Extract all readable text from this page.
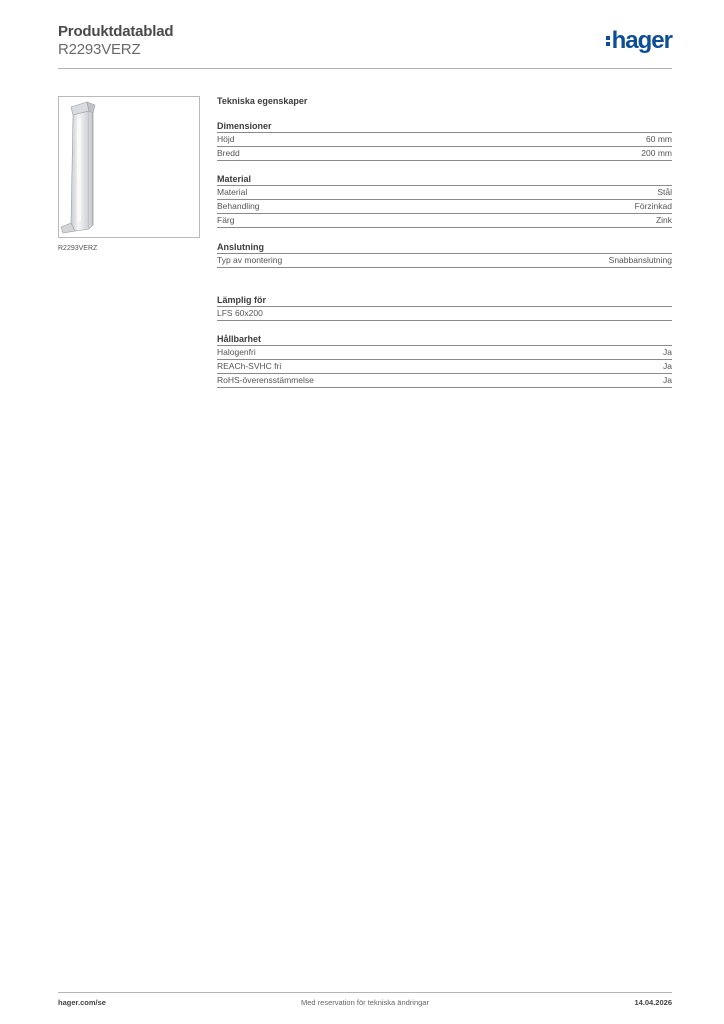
Produktdatablad
R2293VERZ	hager
R2293VERZ
Tekniska egenskaper
Dimensioner
Höjd	60 mm
Bredd	200 mm
Material
Material	Stål
Behandling	Förzinkad
Färg	Zink
Anslutning
Typ av montering	Snabbanslutning
Lämplig för
LFS 60x200
Hållbarhet
Halogenfri	Ja
REACh-SVHC fri	Ja
RoHS-överensstämmelse	Ja
hager.com/se	Med reservation för tekniska ändringar	14.04.2026
